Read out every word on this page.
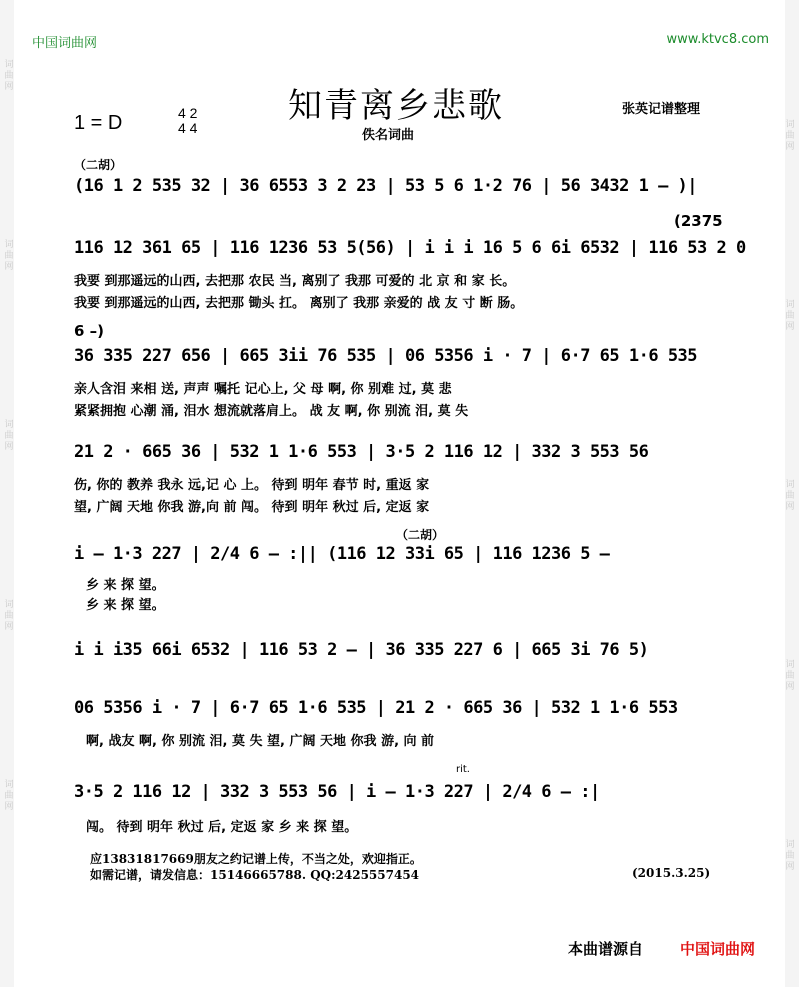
词曲网
词曲网
词曲网
词曲网
词曲网
词曲网
词曲网
词曲网
词曲网
词曲网
中国词曲网	www.ktvc8.com
知青离乡悲歌	张英记谱整理
佚名词曲
1 = D	4 2
4 4
（二胡）
(16 1 2 535 32 | 36 6553 3 2 23 | 53 5 6 1·2 76 | 56 3432 1 – )|
(2375
116 12 361 65 | 116 1236 53 5(56) | i i i 16 5 6 6i 6532 | 116 53 2 0
我要 到那遥远的山西, 去把那 农民 当, 离别了 我那 可爱的 北 京 和 家 长。
我要 到那遥远的山西, 去把那 锄头 扛。 离别了 我那 亲爱的 战 友 寸 断 肠。
6 –)
36 335 227 656 | 665 3ii 76 535 | 06 5356 i · 7 | 6·7 65 1·6 535
亲人含泪 来相 送, 声声 嘱托 记心上, 父 母 啊, 你 别难 过, 莫 悲
紧紧拥抱 心潮 涌, 泪水 想流就落肩上。 战 友 啊, 你 别流 泪, 莫 失
21 2 · 665 36 | 532 1 1·6 553 | 3·5 2 116 12 | 332 3 553 56
伤, 你的 教养 我永 远,记 心 上。 待到 明年 春节 时, 重返 家
望, 广阔 天地 你我 游,向 前 闯。 待到 明年 秋过 后, 定返 家
（二胡）
i – 1·3 227 | 2/4 6 – :|| (116 12 33i 65 | 116 1236 5 –
乡 来 探 望。
乡 来 探 望。
i i i35 66i 6532 | 116 53 2 – | 36 335 227 6 | 665 3i 76 5)
06 5356 i · 7 | 6·7 65 1·6 535 | 21 2 · 665 36 | 532 1 1·6 553
啊, 战友 啊, 你 别流 泪, 莫 失 望, 广阔 天地 你我 游, 向 前
rit.
3·5 2 116 12 | 332 3 553 56 | i – 1·3 227 | 2/4 6 – :|
闯。 待到 明年 秋过 后, 定返 家 乡 来 探 望。
应13831817669朋友之约记谱上传，不当之处，欢迎指正。
如需记谱，请发信息：15146665788. QQ:2425557454	(2015.3.25)
本曲谱源自 中国词曲网
